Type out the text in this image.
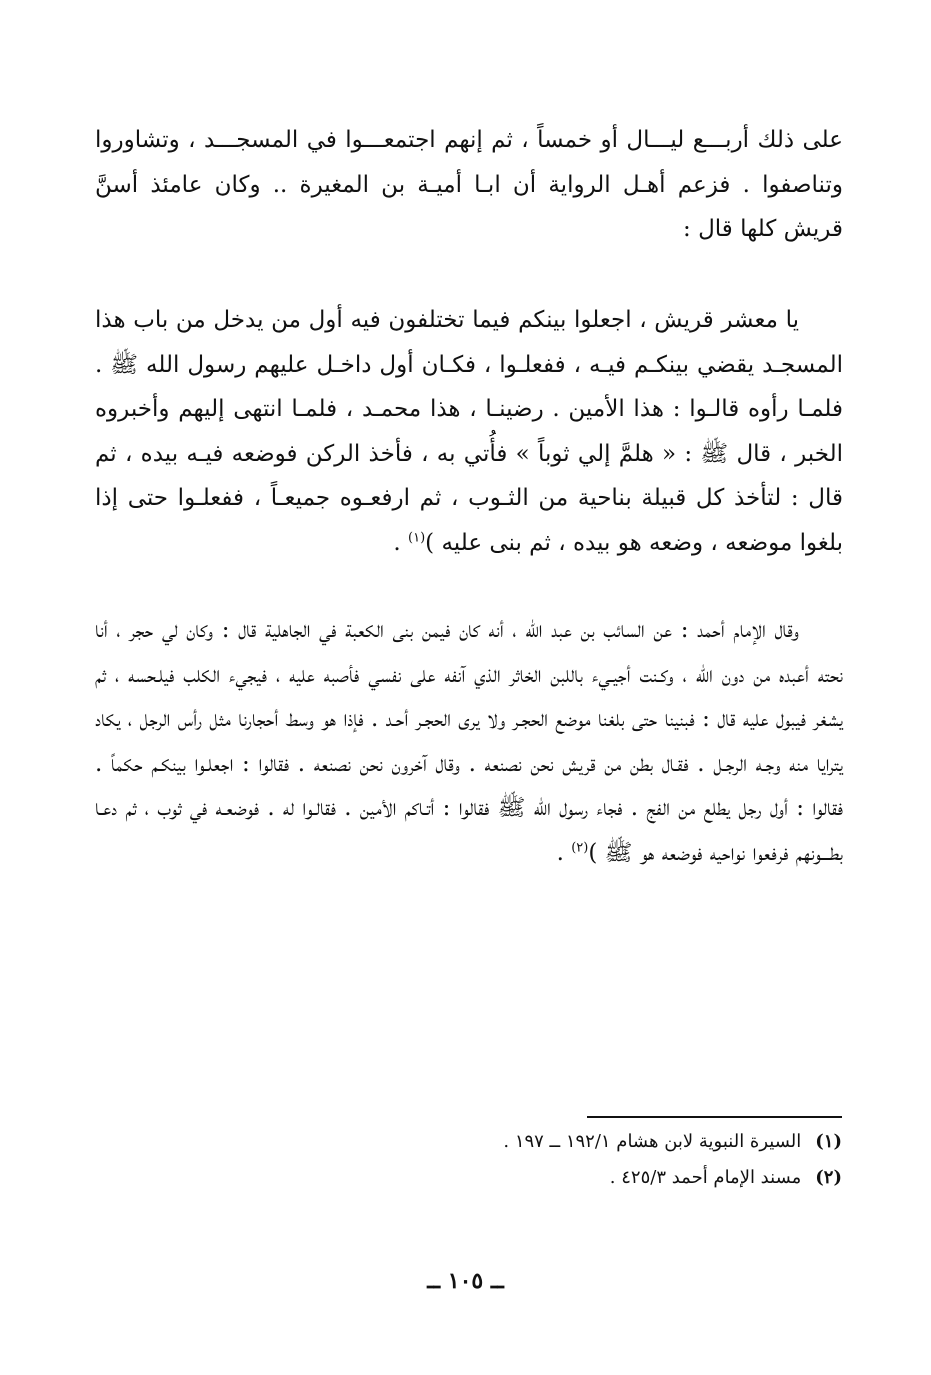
على ذلك أربـــع ليـــال أو خمساً ، ثم إنهم اجتمعـــوا في المسجـــد ، وتشاوروا وتناصفوا . فزعم أهـل الرواية أن ابـا أميـة بن المغيرة .. وكان عامئذ أسنَّ قريش كلها قال :

يا معشر قريش ، اجعلوا بينكم فيما تختلفون فيه أول من يدخل من باب هذا المسجـد يقضي بينكـم فيـه ، ففعلـوا ، فكـان أول داخـل عليهم رسول الله ﷺ . فلمـا رأوه قالـوا : هذا الأمين . رضينـا ، هذا محمـد ، فلمـا انتهى إليهم وأخبروه الخبر ، قال ﷺ : « هلمَّ إلي ثوباً » فأُتي به ، فأخذ الركن فوضعه فيـه بيده ، ثم قال : لتأخذ كل قبيلة بناحية من الثـوب ، ثم ارفعـوه جميعـاً ، ففعلـوا حتى إذا بلغوا موضعه ، وضعه هو بيده ، ثم بنى عليه )$^{(١)}$ .

وقال الإمام أحمد : عن السائب بن عبد الله ، أنه كان فيمن بنى الكعبة في الجاهلية قال : وكان لي حجر ، أنا نحته أعبده من دون الله ، وكـنت أجيـيء باللبن الخاثر الذي آنفه على نفسي فأصبه عليه ، فيجيء الكلب فيلـحسه ، ثم يشغر فيبول عليه قال : فبنينا حتى بلغنا موضع الحجـر ولا يرى الحجـر أحـد . فإذا هو وسط أحجارنا مثل رأس الرجل ، يكاد يترايا منه وجـه الرجـل . فقـال بطن من قريش نحن نصنعه . وقال آخرون نحن نصنعه . فقالوا : اجعلـوا بينكـم حكماً . فقالوا : أول رجل يطلع من الفج . فجاء رسول الله ﷺ فقالوا : أتـاكم الأمين . فقالـوا له . فوضعـه في ثوب ، ثم دعـا بطـــونهم فرفعوا نواحيه فوضعه هو ﷺ )$^{(٢)}$ .

(١)السيرة النبوية لابن هشام ١٩٢/١ ــ ١٩٧ .

(٢)مسند الإمام أحمد ٤٢٥/٣ .

ــ ١٠٥ ــ
